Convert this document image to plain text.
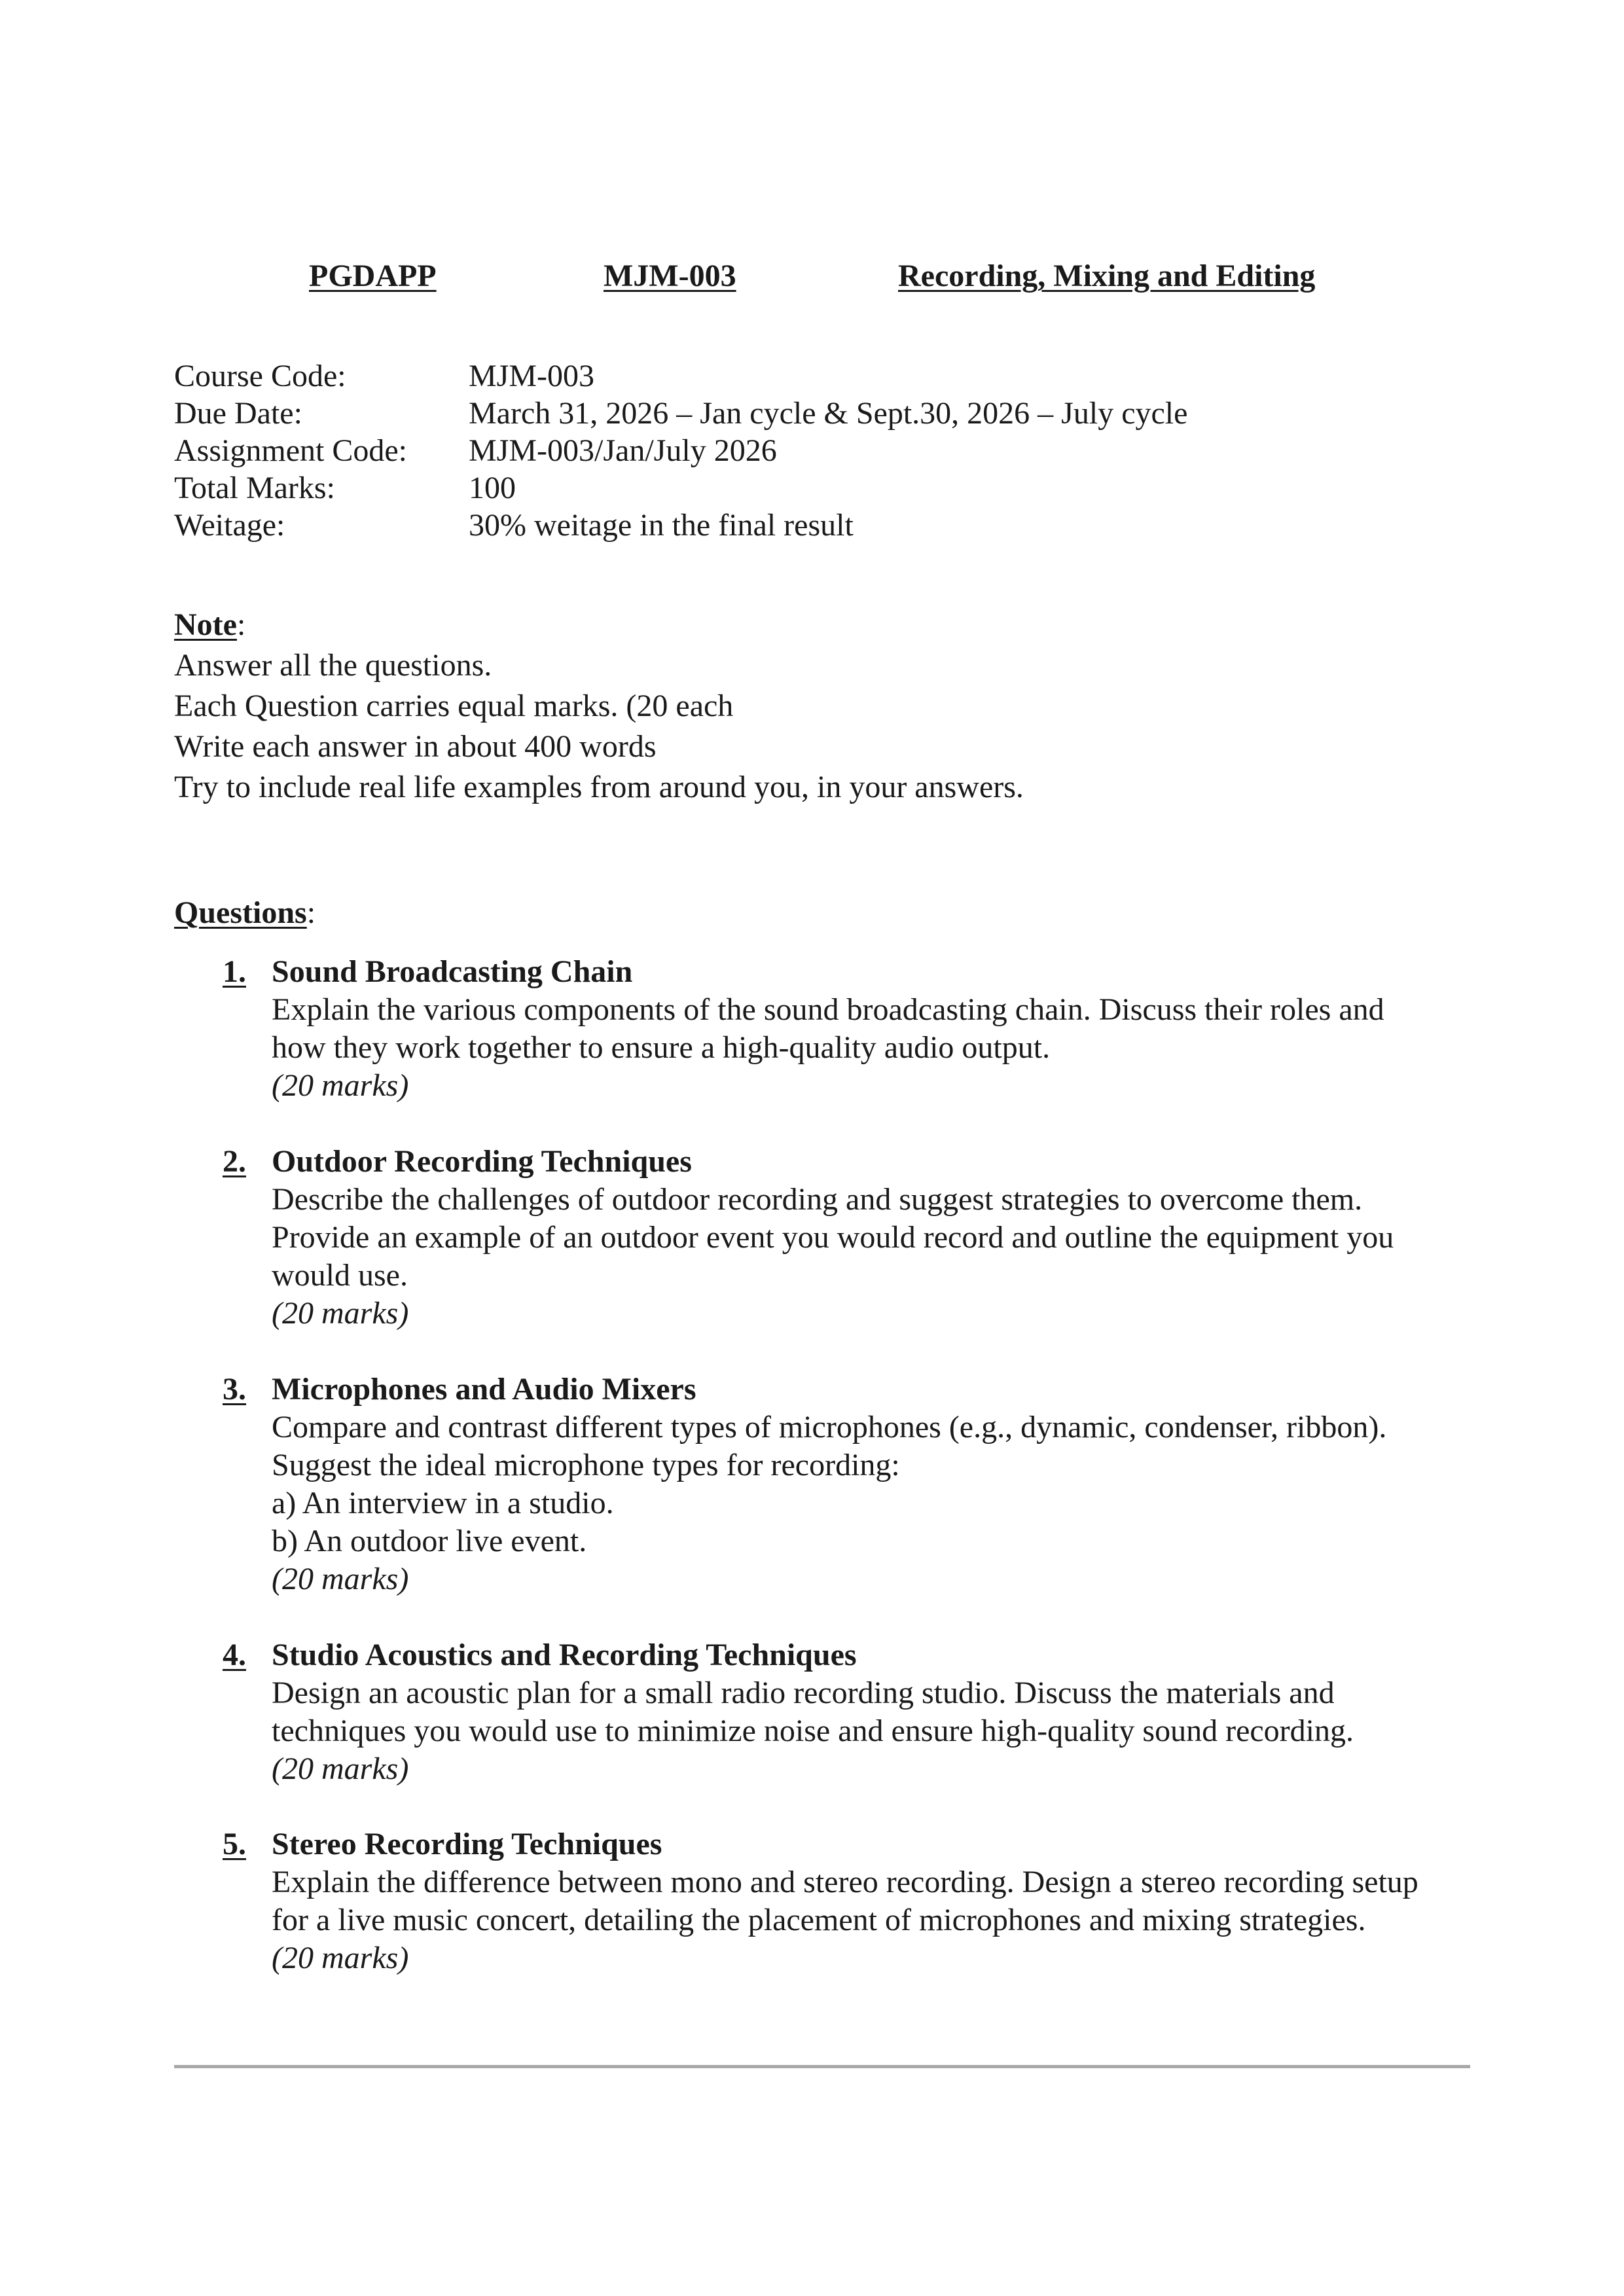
PGDAPP	MJM-003	Recording, Mixing and Editing
Course Code:	MJM-003
Due Date:	March 31, 2026 – Jan cycle & Sept.30, 2026 – July cycle
Assignment Code:	MJM-003/Jan/July 2026
Total Marks:	100
Weitage:	30% weitage in the final result
Note:
Answer all the questions.
Each Question carries equal marks. (20 each
Write each answer in about 400 words
Try to include real life examples from around you, in your answers.
Questions:
1. Sound Broadcasting Chain
Explain the various components of the sound broadcasting chain. Discuss their roles and
how they work together to ensure a high-quality audio output.
(20 marks)
2. Outdoor Recording Techniques
Describe the challenges of outdoor recording and suggest strategies to overcome them.
Provide an example of an outdoor event you would record and outline the equipment you
would use.
(20 marks)
3. Microphones and Audio Mixers
Compare and contrast different types of microphones (e.g., dynamic, condenser, ribbon).
Suggest the ideal microphone types for recording:
a) An interview in a studio.
b) An outdoor live event.
(20 marks)
4. Studio Acoustics and Recording Techniques
Design an acoustic plan for a small radio recording studio. Discuss the materials and
techniques you would use to minimize noise and ensure high-quality sound recording.
(20 marks)
5. Stereo Recording Techniques
Explain the difference between mono and stereo recording. Design a stereo recording setup
for a live music concert, detailing the placement of microphones and mixing strategies.
(20 marks)
